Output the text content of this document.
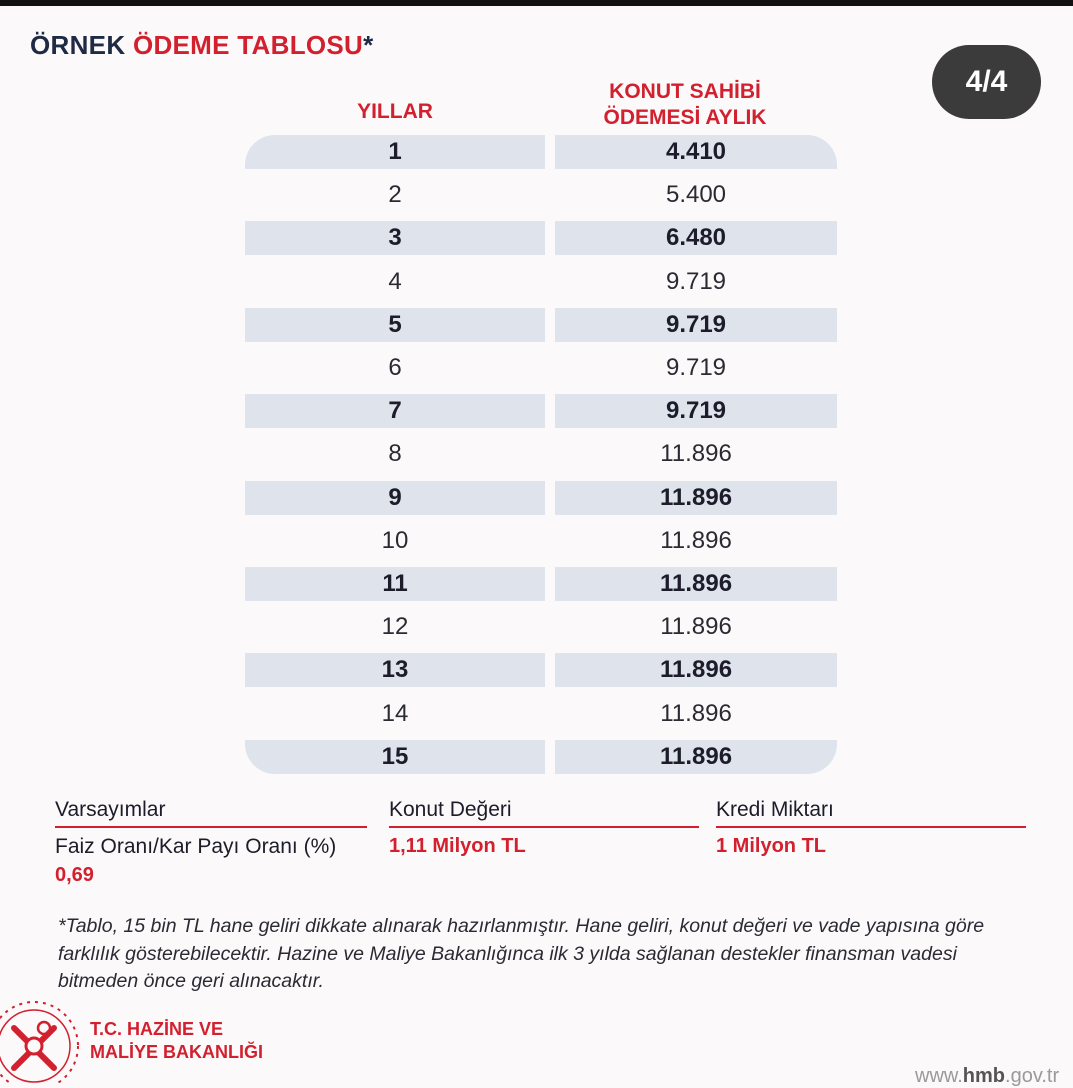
ÖRNEK ÖDEME TABLOSU*
4/4
YILLAR
KONUT SAHİBİ
ÖDEMESİ AYLIK
1	4.410
2	5.400
3	6.480
4	9.719
5	9.719
6	9.719
7	9.719
8	11.896
9	11.896
10	11.896
11	11.896
12	11.896
13	11.896
14	11.896
15	11.896
Varsayımlar
Faiz Oranı/Kar Payı Oranı (%)
0,69
Konut Değeri
1,11 Milyon TL
Kredi Miktarı
1 Milyon TL
*Tablo, 15 bin TL hane geliri dikkate alınarak hazırlanmıştır. Hane geliri, konut değeri ve vade yapısına göre farklılık gösterebilecektir. Hazine ve Maliye Bakanlığınca ilk 3 yılda sağlanan destekler finansman vadesi bitmeden önce geri alınacaktır.
T.C. HAZİNE VE
MALİYE BAKANLIĞI
www.hmb.gov.tr
